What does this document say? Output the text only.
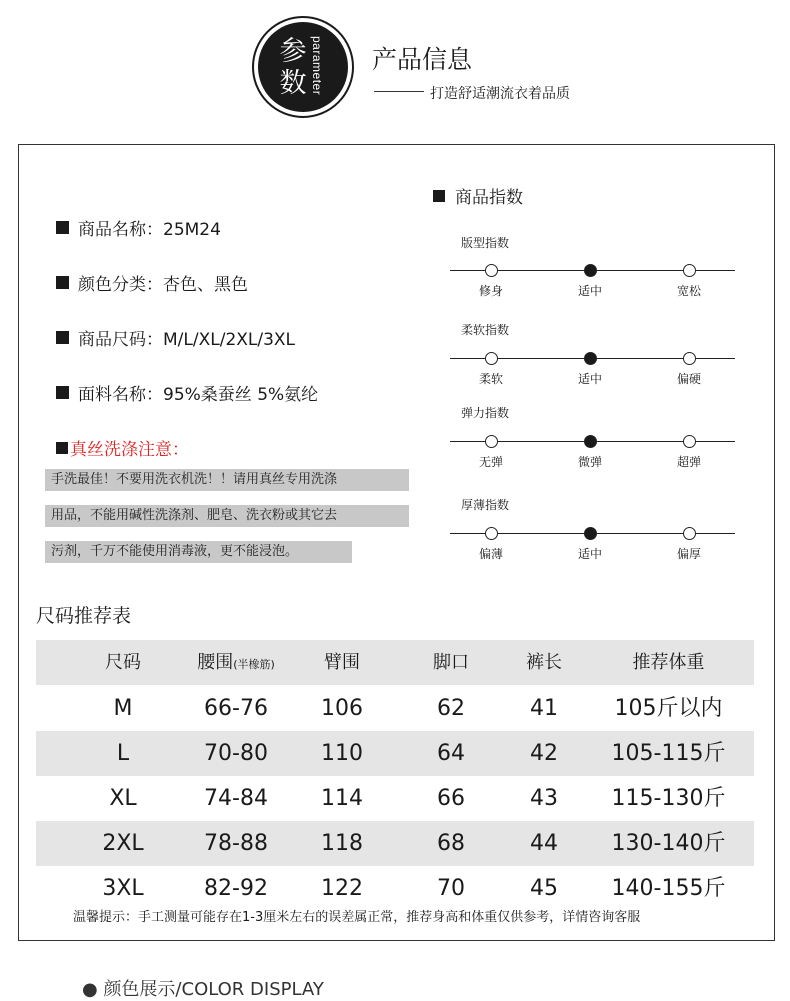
参
数 parameter 产品信息
打造舒适潮流衣着品质
商品名称：25M24
颜色分类：杏色、黑色
商品尺码：M/L/XL/2XL/3XL
面料名称：95%桑蚕丝 5%氨纶
真丝洗涤注意：
手洗最佳！不要用洗衣机洗！！请用真丝专用洗涤
用品，不能用碱性洗涤剂、肥皂、洗衣粉或其它去
污剂，千万不能使用消毒液，更不能浸泡。
商品指数
版型指数
修身	适中	宽松
柔软指数
柔软	适中	偏硬
弹力指数
无弹	微弹	超弹
厚薄指数
偏薄	适中	偏厚
尺码推荐表
尺码	腰围(半橡筋)	臂围	脚口	裤长	推荐体重
M	66-76	106	62	41	105斤以内
L	70-80	110	64	42	105-115斤
XL	74-84	114	66	43	115-130斤
2XL	78-88	118	68	44	130-140斤
3XL	82-92	122	70	45	140-155斤
温馨提示：手工测量可能存在1-3厘米左右的误差属正常，推荐身高和体重仅供参考，详情咨询客服
● 颜色展示/COLOR DISPLAY
